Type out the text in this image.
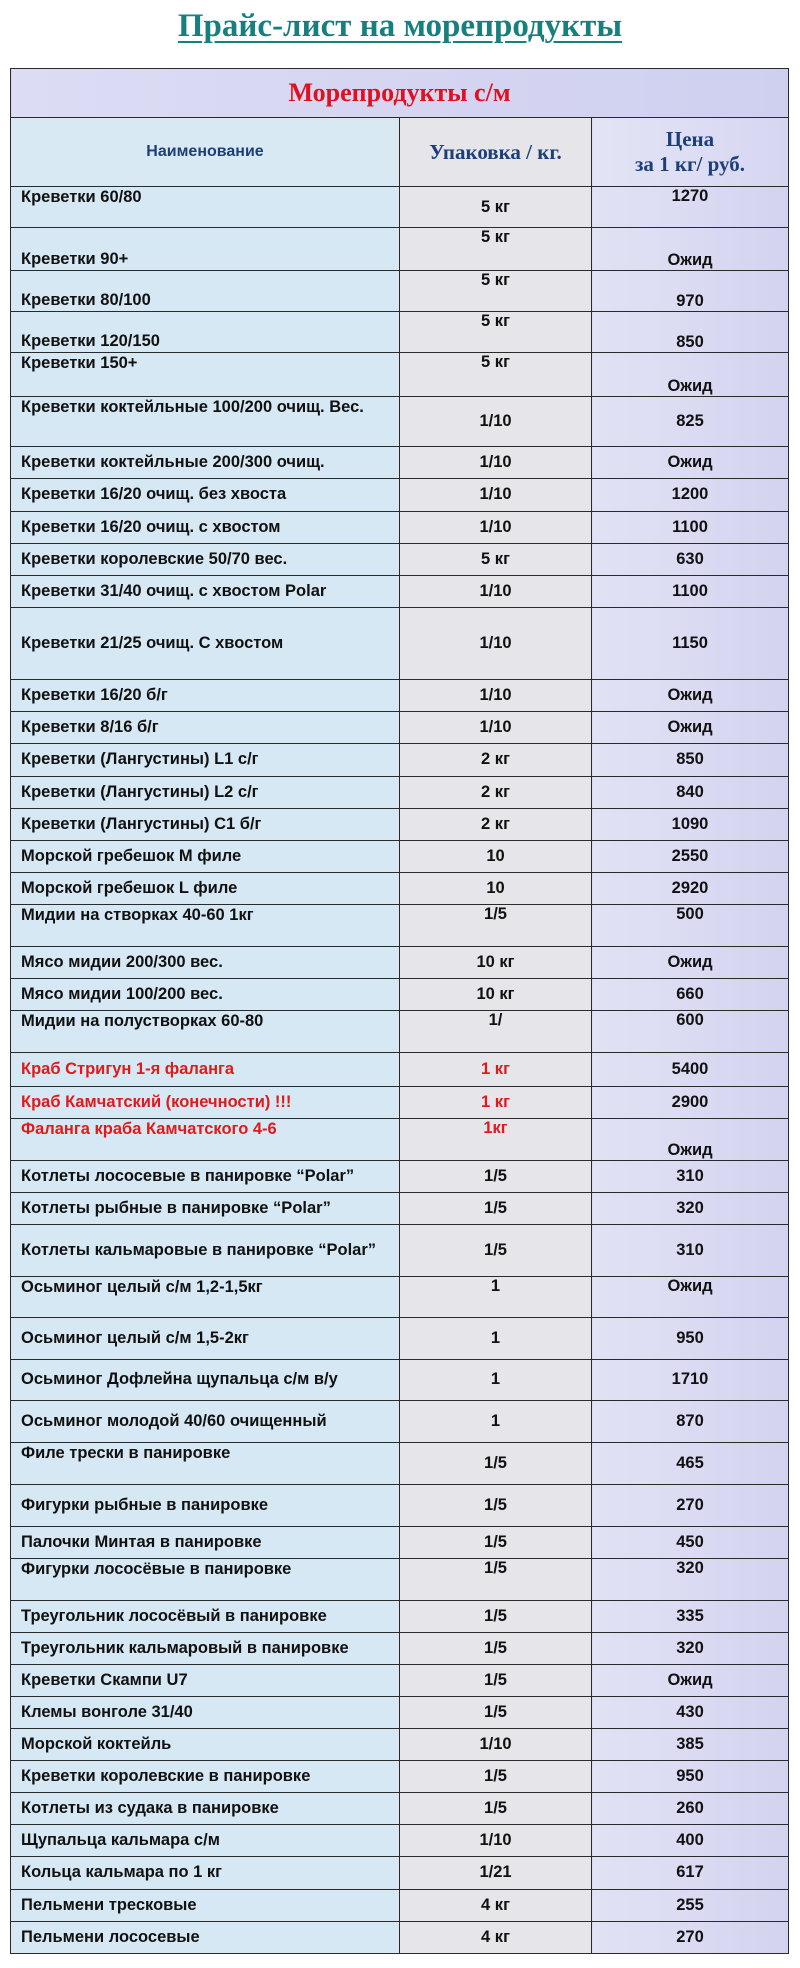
Прайс-лист на морепродукты
Морепродукты с/м		
Наименование	Упаковка / кг.	Цена
за 1 кг/ руб.

Креветки 60/80	5 кг	1270
Креветки 90+	5 кг	Ожид
Креветки 80/100	5 кг	970
Креветки 120/150	5 кг	850
Креветки 150+	5 кг	Ожид
Креветки коктейльные 100/200 очищ. Вес.	1/10	825
Креветки коктейльные 200/300 очищ.	1/10	Ожид
Креветки 16/20 очищ. без хвоста	1/10	1200
Креветки 16/20 очищ. с хвостом	1/10	1100
Креветки королевские 50/70 вес.	5 кг	630
Креветки 31/40 очищ. с хвостом Polar	1/10	1100
Креветки 21/25 очищ. С хвостом	1/10	1150
Креветки 16/20 б/г	1/10	Ожид
Креветки 8/16 б/г	1/10	Ожид
Креветки (Лангустины) L1 с/г	2 кг	850
Креветки (Лангустины) L2 с/г	2 кг	840
Креветки (Лангустины) С1 б/г	2 кг	1090
Морской гребешок M филе	10	2550
Морской гребешок L филе	10	2920
Мидии на створках 40-60 1кг	1/5	500
Мясо мидии 200/300 вес.	10 кг	Ожид
Мясо мидии 100/200 вес.	10 кг	660
Мидии на полустворках 60-80	1/	600
Краб Стригун 1-я фаланга	1 кг	5400
Краб Камчатский (конечности) !!!	1 кг	2900
Фаланга краба Камчатского 4-6	1кг	Ожид
Котлеты лососевые в панировке “Polar”	1/5	310
Котлеты рыбные в панировке “Polar”	1/5	320
Котлеты кальмаровые в панировке “Polar”	1/5	310
Осьминог целый с/м 1,2-1,5кг	1	Ожид
Осьминог целый с/м 1,5-2кг	1	950
Осьминог Дофлейна щупальца с/м в/у	1	1710
Осьминог молодой 40/60 очищенный	1	870
Филе трески в панировке	1/5	465
Фигурки рыбные в панировке	1/5	270
Палочки Минтая в панировке	1/5	450
Фигурки лососёвые в панировке	1/5	320
Треугольник лососёвый в панировке	1/5	335
Треугольник кальмаровый в панировке	1/5	320
Креветки Скампи U7	1/5	Ожид
Клемы вонголе 31/40	1/5	430
Морской коктейль	1/10	385
Креветки королевские в панировке	1/5	950
Котлеты из судака в панировке	1/5	260
Щупальца кальмара с/м	1/10	400
Кольца кальмара по 1 кг	1/21	617
Пельмени тресковые	4 кг	255
Пельмени лососевые	4 кг	270
